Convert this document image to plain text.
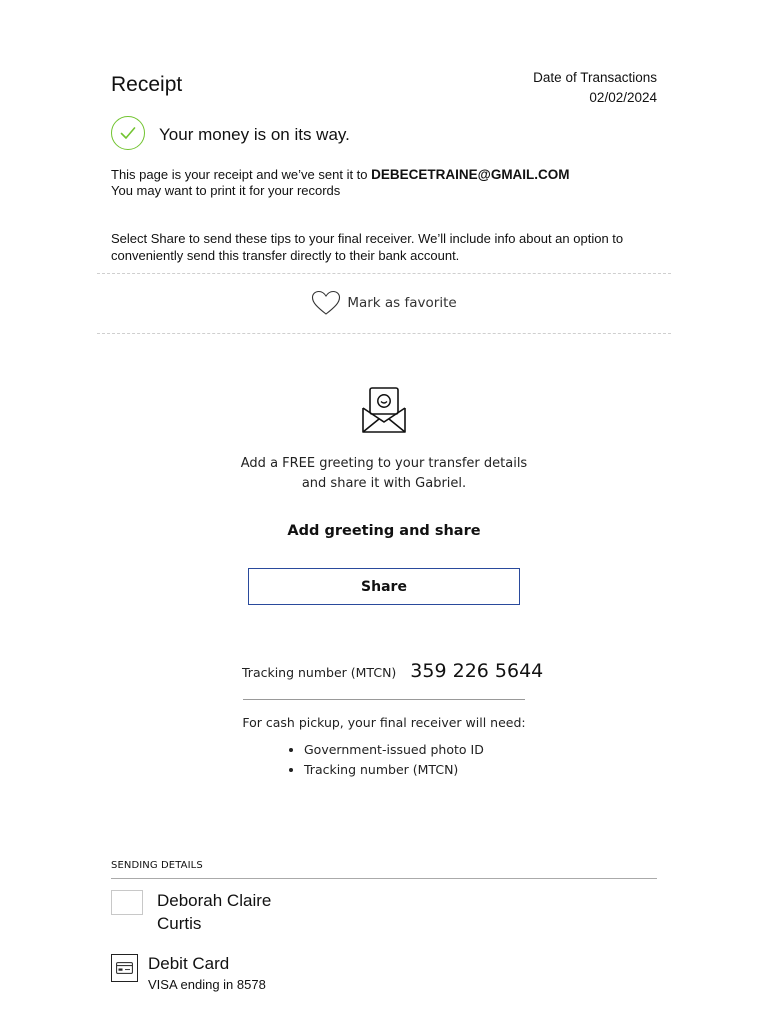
Receipt	Date of Transactions
02/02/2024
Your money is on its way.
This page is your receipt and we’ve sent it to DEBECETRAINE@GMAIL.COM
You may want to print it for your records
Select Share to send these tips to your final receiver. We’ll include info about an option to conveniently send this transfer directly to their bank account.
Mark as favorite
Add a FREE greeting to your transfer details
and share it with Gabriel.
Add greeting and share
Share
Tracking number (MTCN) 359 226 5644
For cash pickup, your final receiver will need:
• Government-issued photo ID
• Tracking number (MTCN)
SENDING DETAILS
Deborah Claire
Curtis
Debit Card
VISA ending in 8578
